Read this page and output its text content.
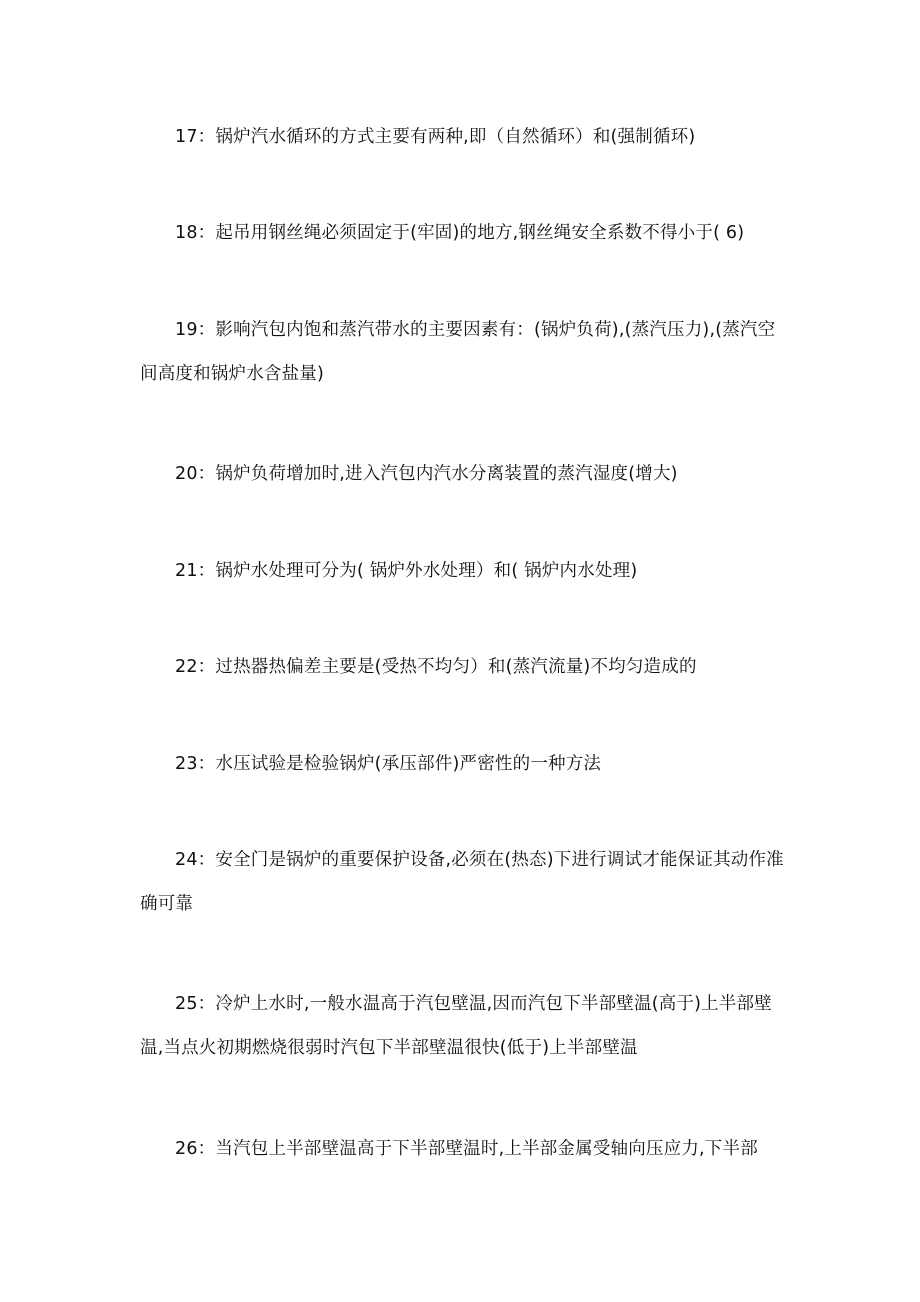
17：锅炉汽水循环的方式主要有两种,即（自然循环）和(强制循环)

18：起吊用钢丝绳必须固定于(牢固)的地方,钢丝绳安全系数不得小于( 6)

19：影响汽包内饱和蒸汽带水的主要因素有：(锅炉负荷),(蒸汽压力),(蒸汽空间高度和锅炉水含盐量)

20：锅炉负荷增加时,进入汽包内汽水分离装置的蒸汽湿度(增大)

21：锅炉水处理可分为( 锅炉外水处理）和( 锅炉内水处理)

22：过热器热偏差主要是(受热不均匀）和(蒸汽流量)不均匀造成的

23：水压试验是检验锅炉(承压部件)严密性的一种方法

24：安全门是锅炉的重要保护设备,必须在(热态)下进行调试才能保证其动作准确可靠

25：冷炉上水时,一般水温高于汽包壁温,因而汽包下半部壁温(高于)上半部壁温,当点火初期燃烧很弱时汽包下半部壁温很快(低于)上半部壁温

26：当汽包上半部壁温高于下半部壁温时,上半部金属受轴向压应力,下半部
